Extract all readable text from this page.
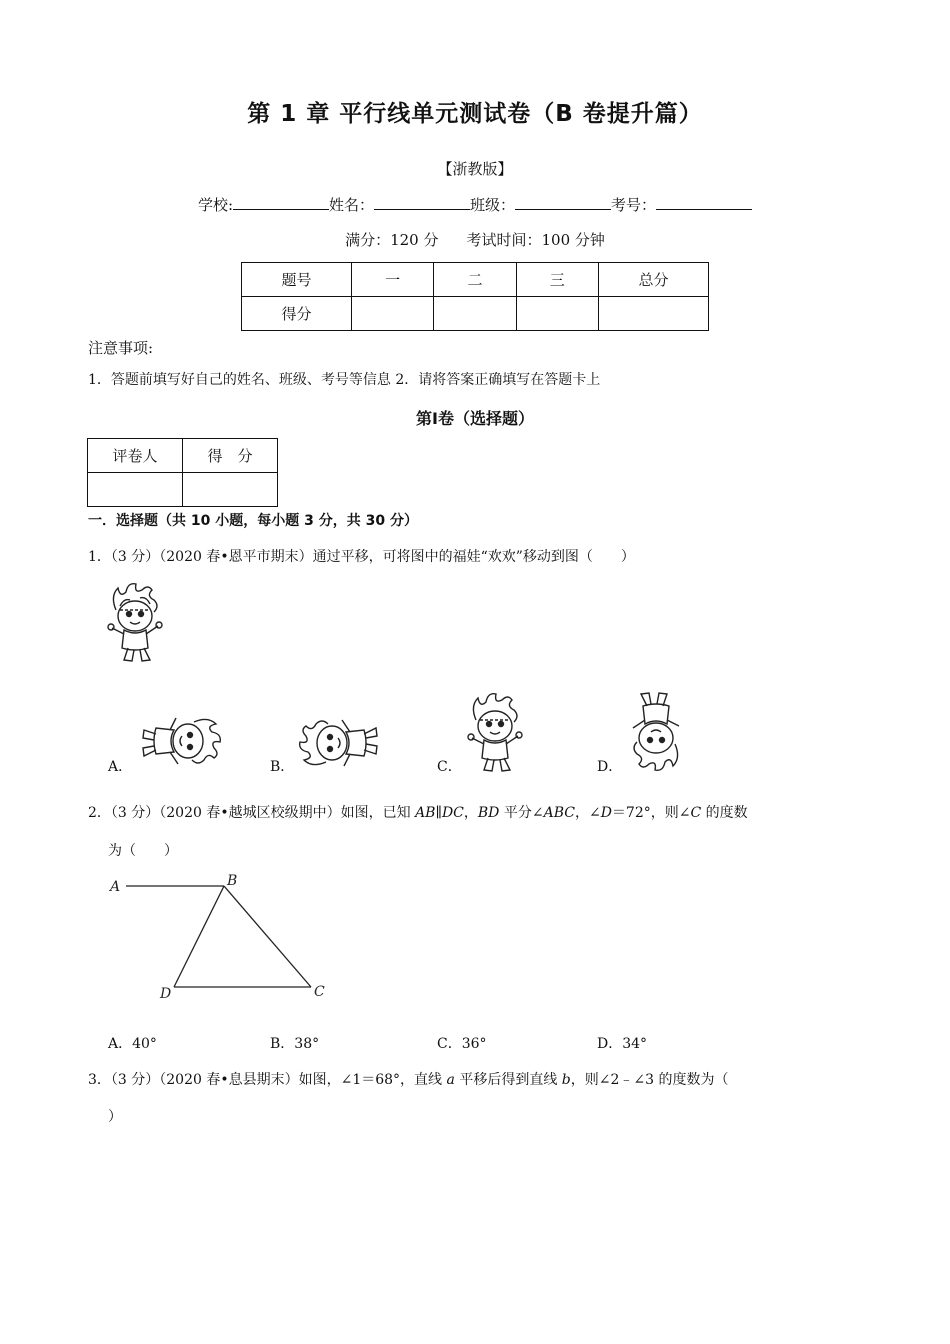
第 1 章 平行线单元测试卷（B 卷提升篇）
【浙教版】
学校:	姓名：	班级：	考号：
满分：120 分 考试时间：100 分钟
题号	一	二	三	总分
得分				
注意事项:
1．答题前填写好自己的姓名、班级、考号等信息 2．请将答案正确填写在答题卡上
第Ⅰ卷（选择题）
评卷人	得　分

一．选择题（共 10 小题，每小题 3 分，共 30 分）
1．（3 分）（2020 春•恩平市期末）通过平移，可将图中的福娃“欢欢”移动到图（　　）
A．	B．	C．	D．
2．（3 分）（2020 春•越城区校级期中）如图，已知 AB∥DC，BD 平分∠ABC，∠D＝72°，则∠C 的度数
为（　　）
A	B
C
D
A．40°	B．38°	C．36°	D．34°
3．（3 分）（2020 春•息县期末）如图，∠1＝68°，直线 a 平移后得到直线 b，则∠2﹣∠3 的度数为（
）
